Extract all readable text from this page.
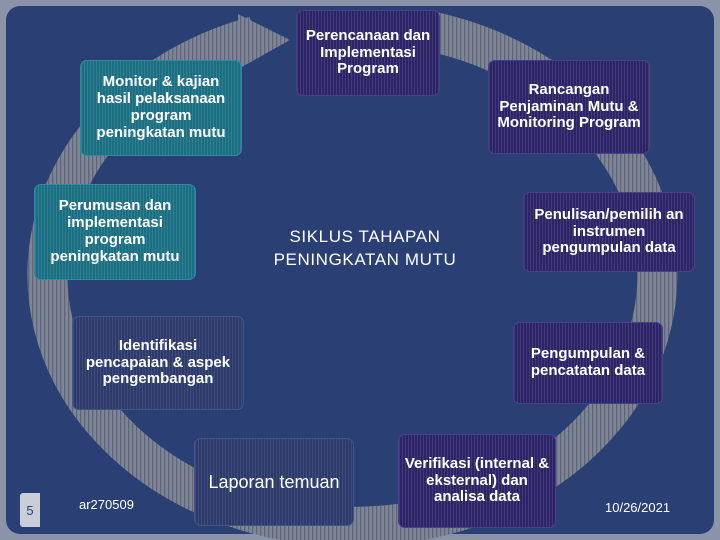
Perencanaan dan Implementasi Program
Rancangan Penjaminan Mutu & Monitoring Program
Penulisan/pemilih an instrumen pengumpulan data
Pengumpulan & pencatatan data
Verifikasi (internal & eksternal) dan analisa data
Laporan temuan
Identifikasi pencapaian & aspek pengembangan
Perumusan dan implementasi program peningkatan mutu
Monitor & kajian hasil pelaksanaan program peningkatan mutu
SIKLUS TAHAPAN
PENINGKATAN MUTU
5	ar270509	10/26/2021
